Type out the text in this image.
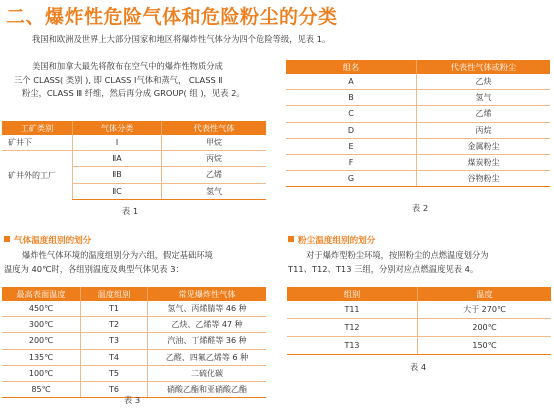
二、爆炸性危险气体和危险粉尘的分类
我国和欧洲及世界上大部分国家和地区将爆炸性气体分为四个危险等级，见表 1。
美国和加拿大最先将散布在空气中的爆炸性物质分成
三个 CLASS( 类别 ), 即 CLASS Ⅰ气体和蒸气， CLASS Ⅱ
粉尘，CLASS Ⅲ 纤维，然后再分成 GROUP( 组 )，见表 2。
工矿类别	气体分类	代表性气体
矿井下	Ⅰ	甲烷
矿井外的工厂	ⅡA	丙烷
	ⅡB	乙烯
	ⅡC	氢气
表 1
组名	代表性气体或粉尘
A	乙炔
B	氢气
C	乙烯
D	丙烷
E	金属粉尘
F	煤炭粉尘
G	谷物粉尘
表 2
气体温度组别的划分
爆炸性气体环境的温度组别分为六组，假定基础环境
温度为 40℃时，各组别温度及典型气体见表 3：
最高表面温度	温度组别	常见爆炸性气体
450℃	T1	氢气、丙烯腈等 46 种
300℃	T2	乙炔、乙烯等 47 种
200℃	T3	汽油、丁烯醛等 36 种
135℃	T4	乙醛、四氟乙烯等 6 种
100℃	T5	二硫化碳
85℃	T6	硝酸乙酯和亚硝酸乙酯
表 3
粉尘温度组别的划分
对于爆炸型粉尘环境，按照粉尘的点燃温度划分为
T11、T12、T13 三组，分别对应点燃温度见表 4。
组别	温度
T11	大于 270℃
T12	200℃
T13	150℃
表 4
